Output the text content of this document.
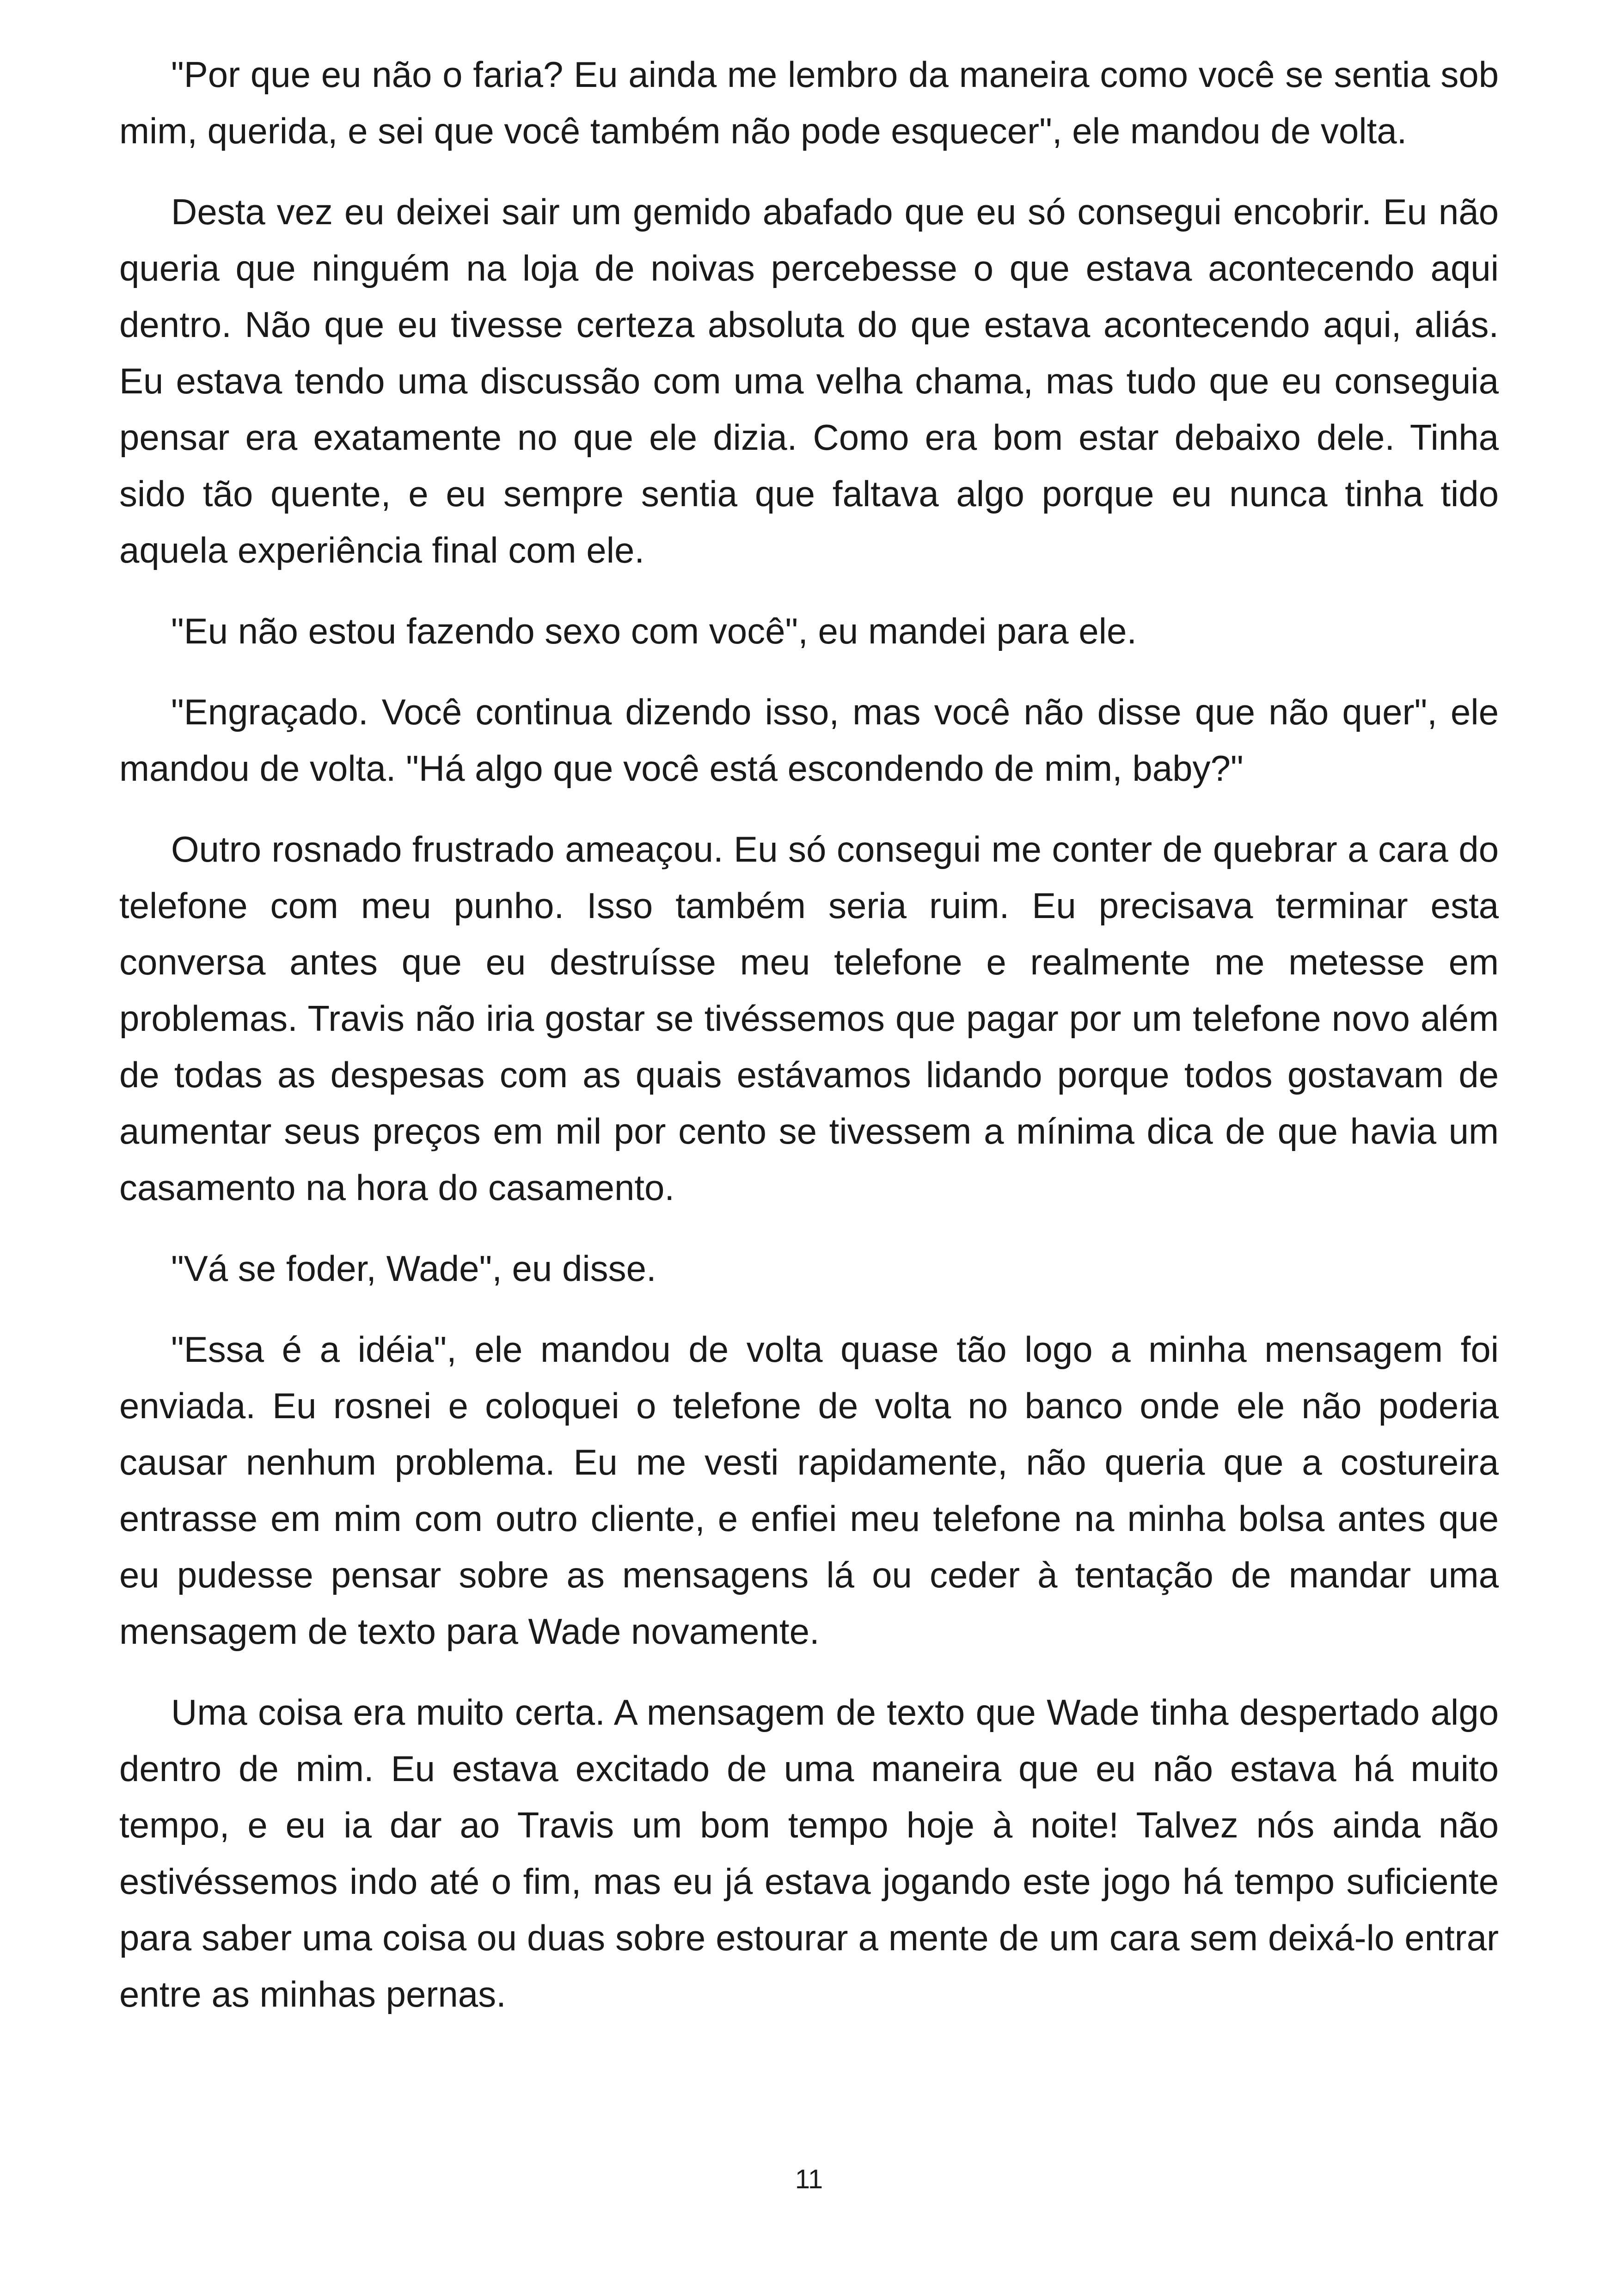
"Por que eu não o faria? Eu ainda me lembro da maneira como você se sentia sob mim, querida, e sei que você também não pode esquecer", ele mandou de volta.

Desta vez eu deixei sair um gemido abafado que eu só consegui encobrir. Eu não queria que ninguém na loja de noivas percebesse o que estava acontecendo aqui dentro. Não que eu tivesse certeza absoluta do que estava acontecendo aqui, aliás. Eu estava tendo uma discussão com uma velha chama, mas tudo que eu conseguia pensar era exatamente no que ele dizia. Como era bom estar debaixo dele. Tinha sido tão quente, e eu sempre sentia que faltava algo porque eu nunca tinha tido aquela experiência final com ele.

"Eu não estou fazendo sexo com você", eu mandei para ele.

"Engraçado. Você continua dizendo isso, mas você não disse que não quer", ele mandou de volta. "Há algo que você está escondendo de mim, baby?"

Outro rosnado frustrado ameaçou. Eu só consegui me conter de quebrar a cara do telefone com meu punho. Isso também seria ruim. Eu precisava terminar esta conversa antes que eu destruísse meu telefone e realmente me metesse em problemas. Travis não iria gostar se tivéssemos que pagar por um telefone novo além de todas as despesas com as quais estávamos lidando porque todos gostavam de aumentar seus preços em mil por cento se tivessem a mínima dica de que havia um casamento na hora do casamento.

"Vá se foder, Wade", eu disse.

"Essa é a idéia", ele mandou de volta quase tão logo a minha mensagem foi enviada. Eu rosnei e coloquei o telefone de volta no banco onde ele não poderia causar nenhum problema. Eu me vesti rapidamente, não queria que a costureira entrasse em mim com outro cliente, e enfiei meu telefone na minha bolsa antes que eu pudesse pensar sobre as mensagens lá ou ceder à tentação de mandar uma mensagem de texto para Wade novamente.

Uma coisa era muito certa. A mensagem de texto que Wade tinha despertado algo dentro de mim. Eu estava excitado de uma maneira que eu não estava há muito tempo, e eu ia dar ao Travis um bom tempo hoje à noite! Talvez nós ainda não estivéssemos indo até o fim, mas eu já estava jogando este jogo há tempo suficiente para saber uma coisa ou duas sobre estourar a mente de um cara sem deixá-lo entrar entre as minhas pernas.

11
